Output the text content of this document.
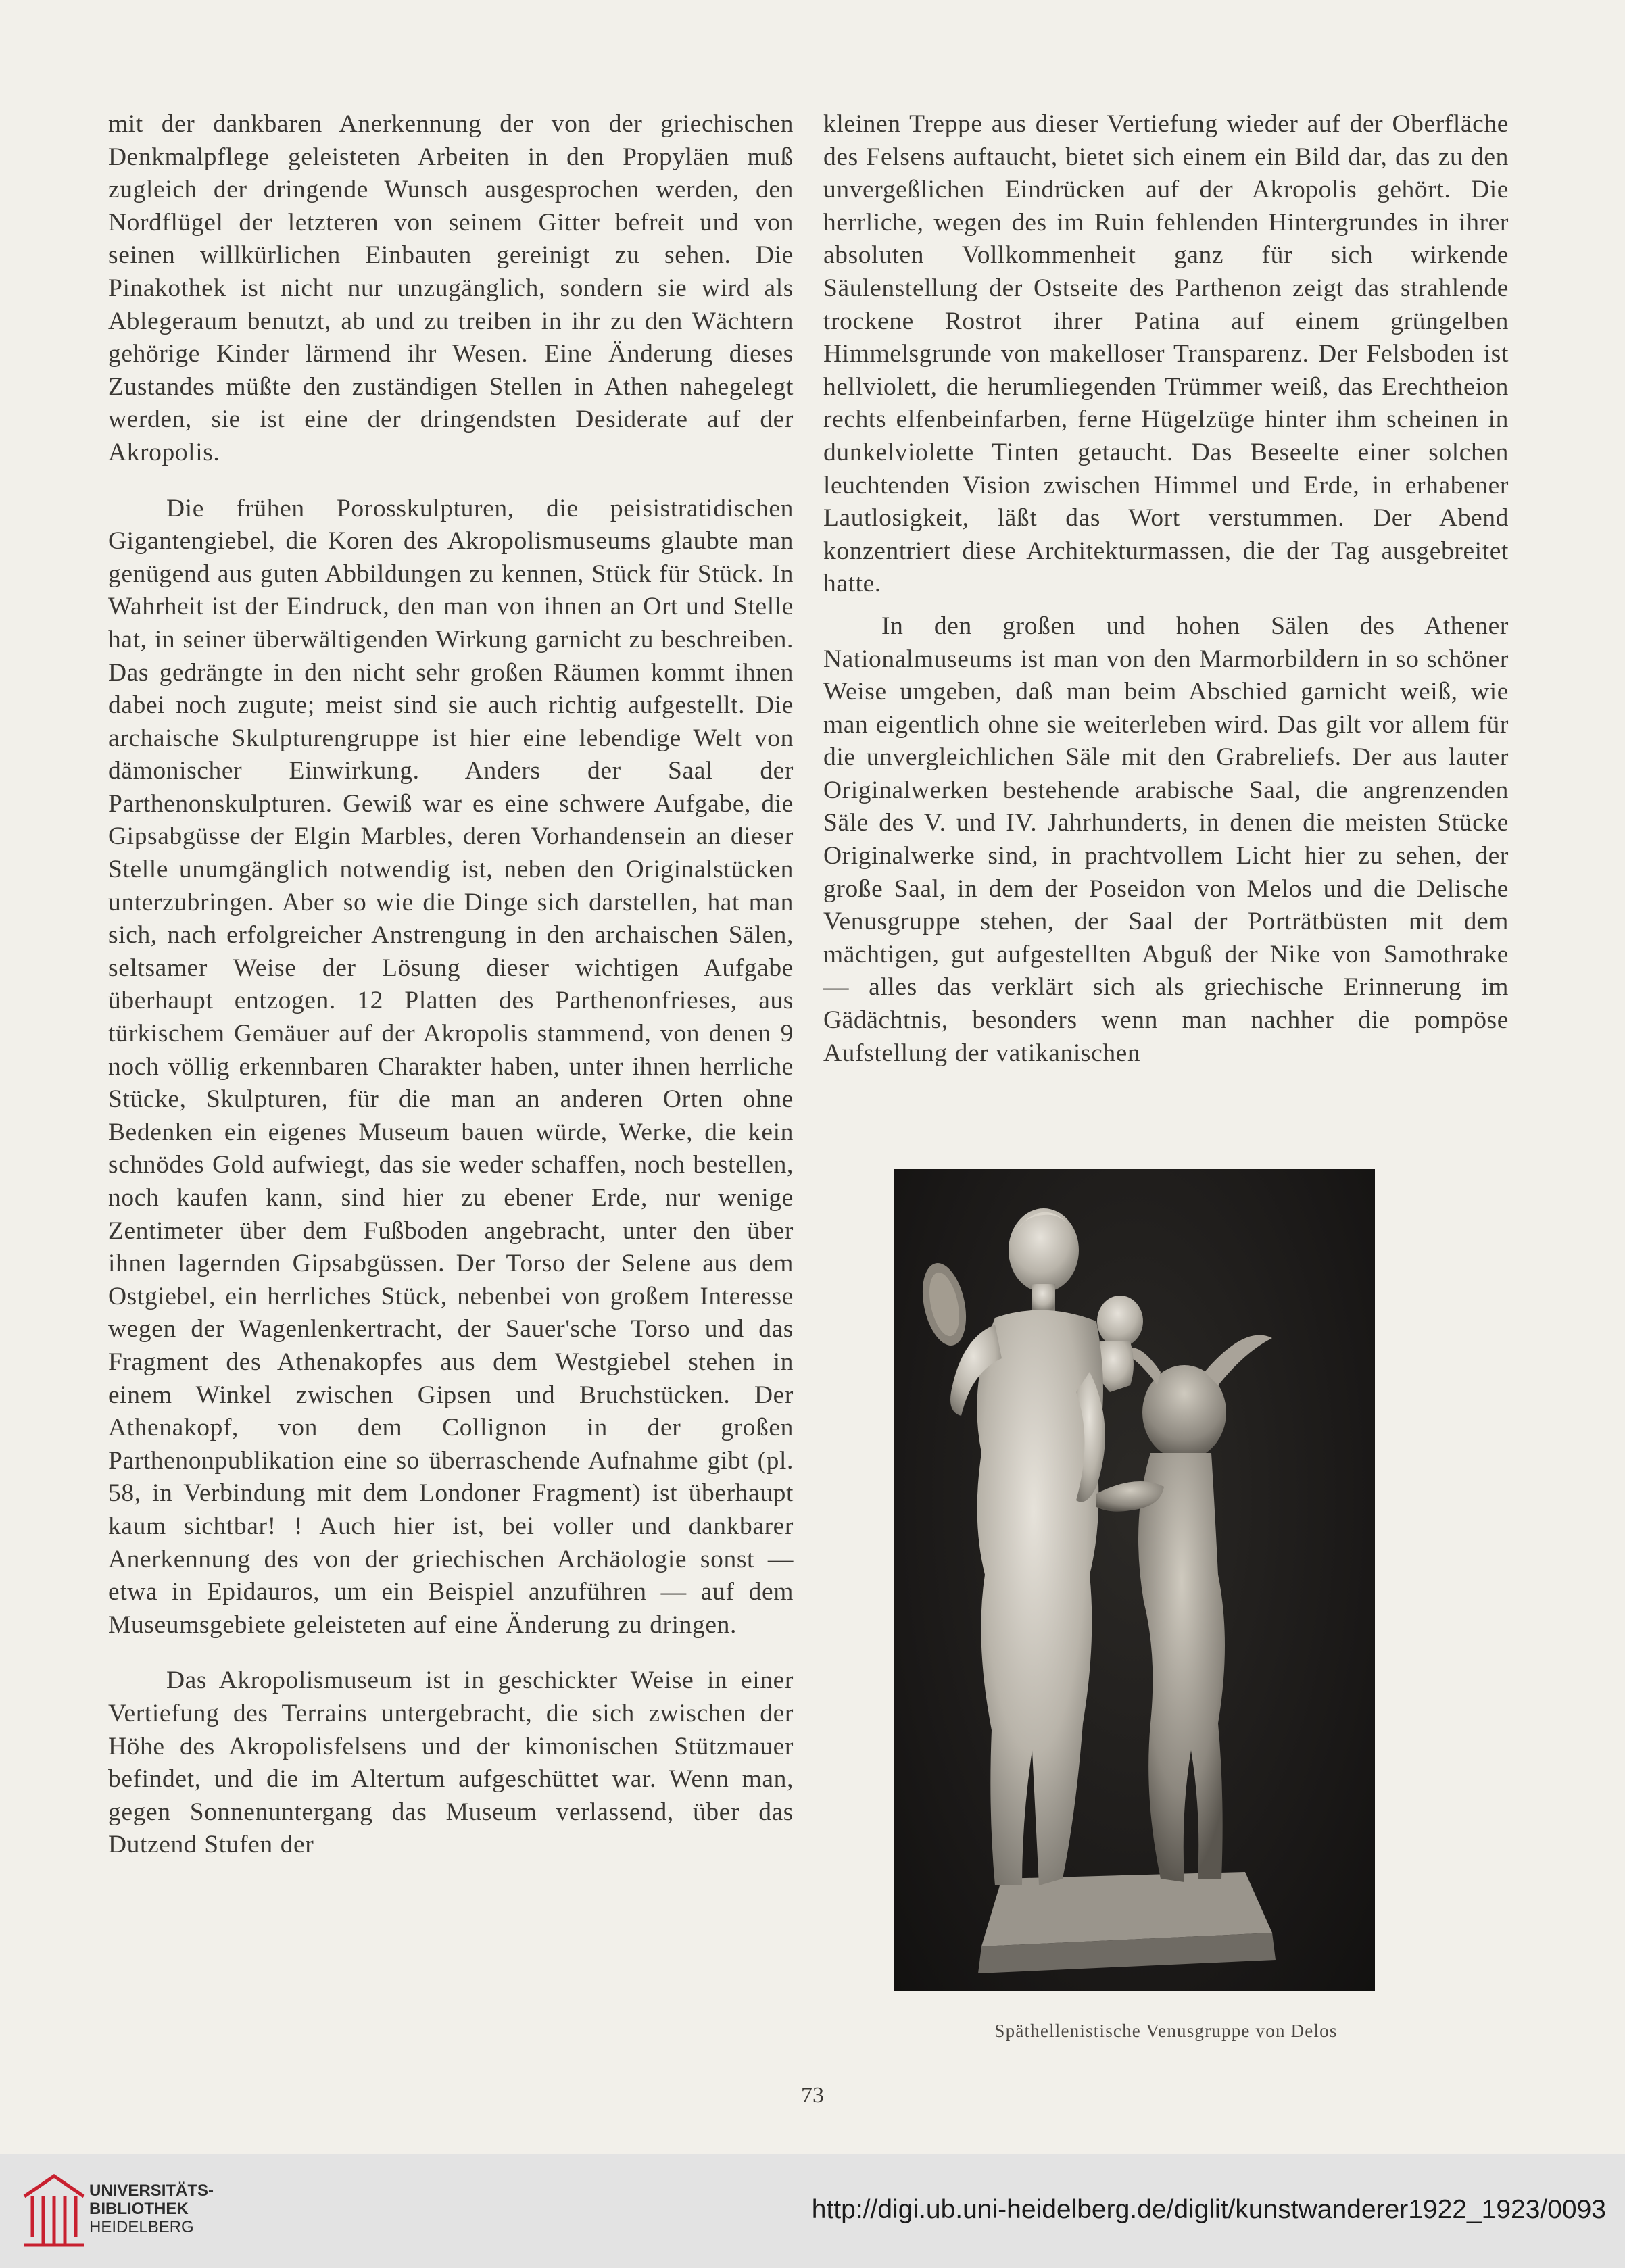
mit der dankbaren Anerkennung der von der griechischen Denkmalpflege geleisteten Arbeiten in den Propyläen muß zugleich der dringende Wunsch ausgesprochen werden, den Nordflügel der letzteren von seinem Gitter befreit und von seinen willkürlichen Einbauten gereinigt zu sehen. Die Pinakothek ist nicht nur unzugänglich, sondern sie wird als Ablegeraum benutzt, ab und zu treiben in ihr zu den Wächtern gehörige Kinder lärmend ihr Wesen. Eine Änderung dieses Zustandes müßte den zuständigen Stellen in Athen nahegelegt werden, sie ist eine der dringendsten Desiderate auf der Akropolis.

Die frühen Porosskulpturen, die peisistratidischen Gigantengiebel, die Koren des Akropolismuseums glaubte man genügend aus guten Abbildungen zu kennen, Stück für Stück. In Wahrheit ist der Eindruck, den man von ihnen an Ort und Stelle hat, in seiner überwältigenden Wirkung garnicht zu beschreiben. Das gedrängte in den nicht sehr großen Räumen kommt ihnen dabei noch zugute; meist sind sie auch richtig aufgestellt. Die archaische Skulpturengruppe ist hier eine lebendige Welt von dämonischer Einwirkung. Anders der Saal der Parthenonskulpturen. Gewiß war es eine schwere Aufgabe, die Gipsabgüsse der Elgin Marbles, deren Vorhandensein an dieser Stelle unumgänglich notwendig ist, neben den Originalstücken unterzubringen. Aber so wie die Dinge sich darstellen, hat man sich, nach erfolgreicher Anstrengung in den archaischen Sälen, seltsamer Weise der Lösung dieser wichtigen Aufgabe überhaupt entzogen. 12 Platten des Parthenonfrieses, aus türkischem Gemäuer auf der Akropolis stammend, von denen 9 noch völlig erkennbaren Charakter haben, unter ihnen herrliche Stücke, Skulpturen, für die man an anderen Orten ohne Bedenken ein eigenes Museum bauen würde, Werke, die kein schnödes Gold aufwiegt, das sie weder schaffen, noch bestellen, noch kaufen kann, sind hier zu ebener Erde, nur wenige Zentimeter über dem Fußboden angebracht, unter den über ihnen lagernden Gipsabgüssen. Der Torso der Selene aus dem Ostgiebel, ein herrliches Stück, nebenbei von großem Interesse wegen der Wagenlenkertracht, der Sauer'sche Torso und das Fragment des Athenakopfes aus dem Westgiebel stehen in einem Winkel zwischen Gipsen und Bruchstücken. Der Athenakopf, von dem Collignon in der großen Parthenonpublikation eine so überraschende Aufnahme gibt (pl. 58, in Verbindung mit dem Londoner Fragment) ist überhaupt kaum sichtbar! ! Auch hier ist, bei voller und dankbarer Anerkennung des von der griechischen Archäologie sonst — etwa in Epidauros, um ein Beispiel anzuführen — auf dem Museumsgebiete geleisteten auf eine Änderung zu dringen.

Das Akropolismuseum ist in geschickter Weise in einer Vertiefung des Terrains untergebracht, die sich zwischen der Höhe des Akropolisfelsens und der kimonischen Stützmauer befindet, und die im Altertum aufgeschüttet war. Wenn man, gegen Sonnenuntergang das Museum verlassend, über das Dutzend Stufen der

kleinen Treppe aus dieser Vertiefung wieder auf der Oberfläche des Felsens auftaucht, bietet sich einem ein Bild dar, das zu den unvergeßlichen Eindrücken auf der Akropolis gehört. Die herrliche, wegen des im Ruin fehlenden Hintergrundes in ihrer absoluten Vollkommenheit ganz für sich wirkende Säulenstellung der Ostseite des Parthenon zeigt das strahlende trockene Rostrot ihrer Patina auf einem grüngelben Himmelsgrunde von makelloser Transparenz. Der Felsboden ist hellviolett, die herumliegenden Trümmer weiß, das Erechtheion rechts elfenbeinfarben, ferne Hügelzüge hinter ihm scheinen in dunkelviolette Tinten getaucht. Das Beseelte einer solchen leuchtenden Vision zwischen Himmel und Erde, in erhabener Lautlosigkeit, läßt das Wort verstummen. Der Abend konzentriert diese Architekturmassen, die der Tag ausgebreitet hatte.

In den großen und hohen Sälen des Athener Nationalmuseums ist man von den Marmorbildern in so schöner Weise umgeben, daß man beim Abschied garnicht weiß, wie man eigentlich ohne sie weiterleben wird. Das gilt vor allem für die unvergleichlichen Säle mit den Grabreliefs. Der aus lauter Originalwerken bestehende arabische Saal, die angrenzenden Säle des V. und IV. Jahrhunderts, in denen die meisten Stücke Originalwerke sind, in prachtvollem Licht hier zu sehen, der große Saal, in dem der Poseidon von Melos und die Delische Venusgruppe stehen, der Saal der Porträtbüsten mit dem mächtigen, gut aufgestellten Abguß der Nike von Samothrake — alles das verklärt sich als griechische Erinnerung im Gädächtnis, besonders wenn man nachher die pompöse Aufstellung der vatikanischen

Späthellenistische Venusgruppe von Delos
73
UNIVERSITÄTS-
BIBLIOTHEK
HEIDELBERG
http://digi.ub.uni-heidelberg.de/diglit/kunstwanderer1922_1923/0093
